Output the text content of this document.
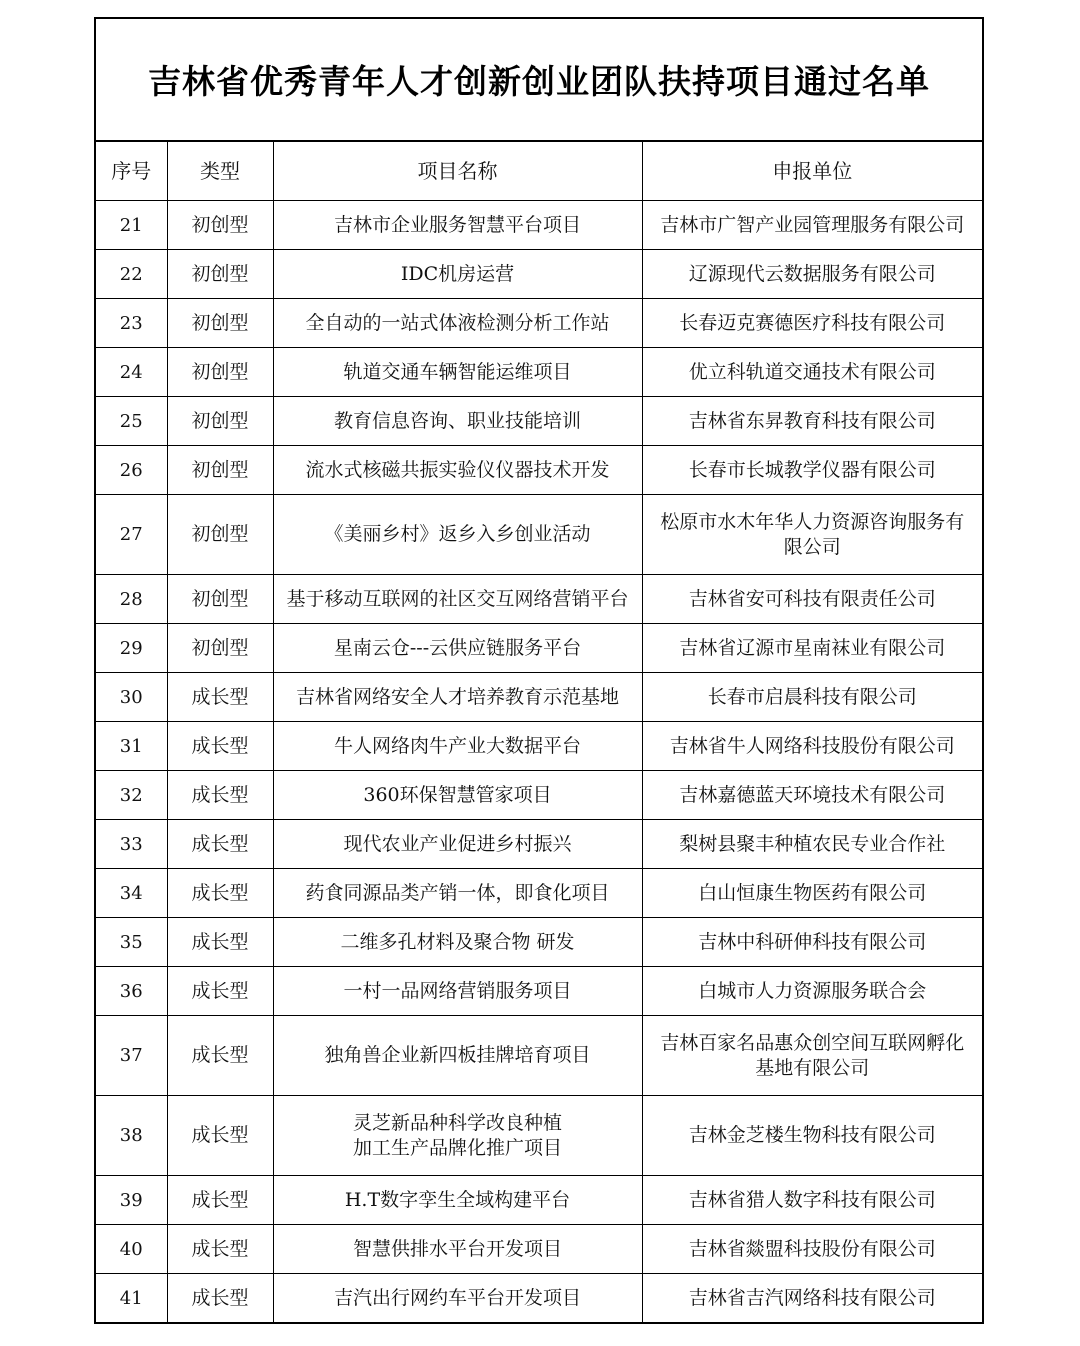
吉林省优秀青年人才创新创业团队扶持项目通过名单
序号	类型	项目名称	申报单位
21	初创型	吉林市企业服务智慧平台项目	吉林市广智产业园管理服务有限公司
22	初创型	IDC机房运营	辽源现代云数据服务有限公司
23	初创型	全自动的一站式体液检测分析工作站	长春迈克赛德医疗科技有限公司
24	初创型	轨道交通车辆智能运维项目	优立科轨道交通技术有限公司
25	初创型	教育信息咨询、职业技能培训	吉林省东昇教育科技有限公司
26	初创型	流水式核磁共振实验仪仪器技术开发	长春市长城教学仪器有限公司
27	初创型	《美丽乡村》返乡入乡创业活动	松原市水木年华人力资源咨询服务有
限公司
28	初创型	基于移动互联网的社区交互网络营销平台	吉林省安可科技有限责任公司
29	初创型	星南云仓---云供应链服务平台	吉林省辽源市星南袜业有限公司
30	成长型	吉林省网络安全人才培养教育示范基地	长春市启晨科技有限公司
31	成长型	牛人网络肉牛产业大数据平台	吉林省牛人网络科技股份有限公司
32	成长型	360环保智慧管家项目	吉林嘉德蓝天环境技术有限公司
33	成长型	现代农业产业促进乡村振兴	梨树县聚丰种植农民专业合作社
34	成长型	药食同源品类产销一体，即食化项目	白山恒康生物医药有限公司
35	成长型	二维多孔材料及聚合物 研发	吉林中科研伸科技有限公司
36	成长型	一村一品网络营销服务项目	白城市人力资源服务联合会
37	成长型	独角兽企业新四板挂牌培育项目	吉林百家名品惠众创空间互联网孵化
基地有限公司
38	成长型	灵芝新品种科学改良种植
加工生产品牌化推广项目	吉林金芝楼生物科技有限公司
39	成长型	H.T数字孪生全域构建平台	吉林省猎人数字科技有限公司
40	成长型	智慧供排水平台开发项目	吉林省燚盟科技股份有限公司
41	成长型	吉汽出行网约车平台开发项目	吉林省吉汽网络科技有限公司
